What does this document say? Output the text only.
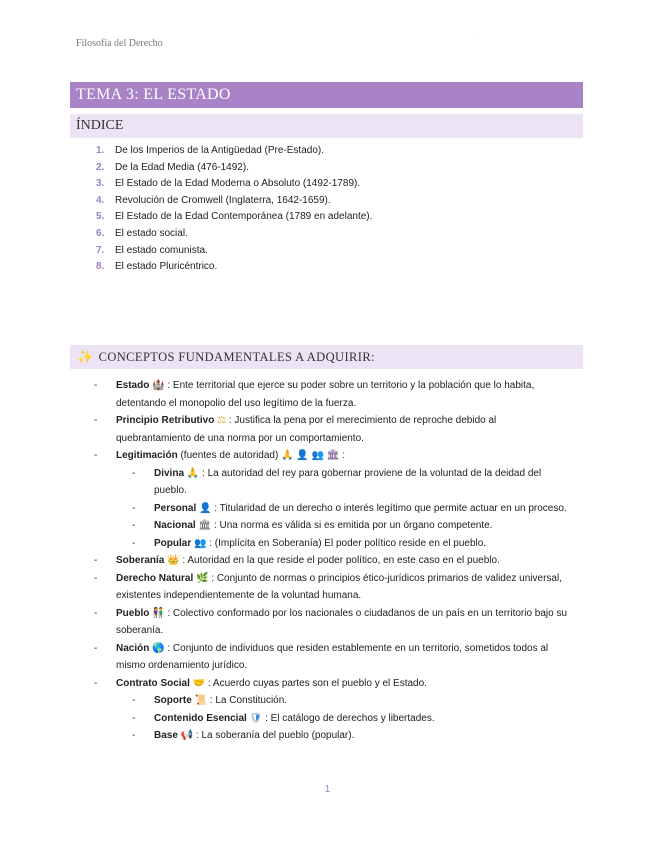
Filosofía del Derecho	.
TEMA 3: EL ESTADO
ÍNDICE
1. De los Imperios de la Antigüedad (Pre-Estado).
2. De la Edad Media (476-1492).
3. El Estado de la Edad Moderna o Absoluto (1492-1789).
4. Revolución de Cromwell (Inglaterra, 1642-1659).
5. El Estado de la Edad Contemporánea (1789 en adelante).
6. El estado social.
7. El estado comunista.
8. El estado Pluricéntrico.
✨ CONCEPTOS FUNDAMENTALES A ADQUIRIR:
- Estado 🏰 : Ente territorial que ejerce su poder sobre un territorio y la población que lo habita, detentando el monopolio del uso legítimo de la fuerza.
- Principio Retributivo ⚖ : Justifica la pena por el merecimiento de reproche debido al quebrantamiento de una norma por un comportamiento.
- Legitimación (fuentes de autoridad) 🙏 👤 👥 🏛 :
- Divina 🙏 : La autoridad del rey para gobernar proviene de la voluntad de la deidad del pueblo.
- Personal 👤 : Titularidad de un derecho o interés legítimo que permite actuar en un proceso.
- Nacional 🏛 : Una norma es válida si es emitida por un órgano competente.
- Popular 👥 : (Implícita en Soberanía) El poder político reside en el pueblo.
- Soberanía 👑 : Autoridad en la que reside el poder político, en este caso en el pueblo.
- Derecho Natural 🌿 : Conjunto de normas o principios ético-jurídicos primarios de validez universal, existentes independientemente de la voluntad humana.
- Pueblo 👫 : Colectivo conformado por los nacionales o ciudadanos de un país en un territorio bajo su soberanía.
- Nación 🌎 : Conjunto de individuos que residen establemente en un territorio, sometidos todos al mismo ordenamiento jurídico.
- Contrato Social 🤝 : Acuerdo cuyas partes son el pueblo y el Estado.
- Soporte 📜 : La Constitución.
- Contenido Esencial 🛡 : El catálogo de derechos y libertades.
- Base 📢 : La soberanía del pueblo (popular).
1
